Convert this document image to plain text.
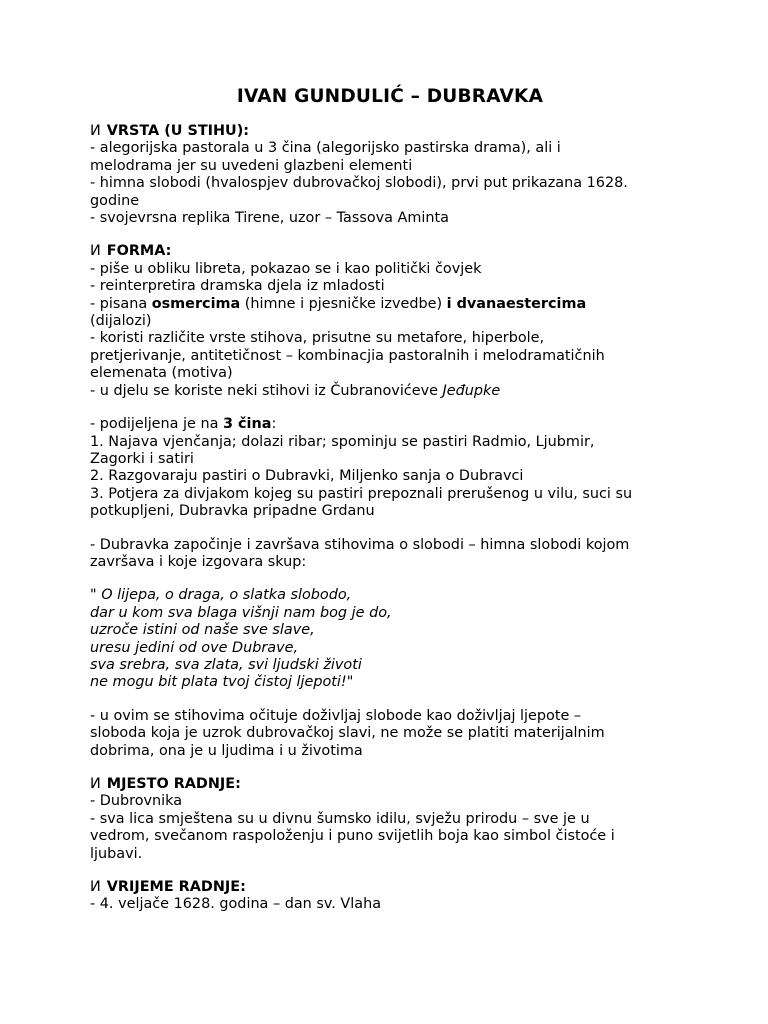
IVAN GUNDULIĆ – DUBRAVKA
ⵍ VRSTA (U STIHU):
- alegorijska pastorala u 3 čina (alegorijsko pastirska drama), ali i
melodrama jer su uvedeni glazbeni elementi
- himna slobodi (hvalospjev dubrovačkoj slobodi), prvi put prikazana 1628.
godine
- svojevrsna replika Tirene, uzor – Tassova Aminta
ⵍ FORMA:
- piše u obliku libreta, pokazao se i kao politički čovjek
- reinterpretira dramska djela iz mladosti
- pisana osmercima (himne i pjesničke izvedbe) i dvanaestercima
(dijalozi)
- koristi različite vrste stihova, prisutne su metafore, hiperbole,
pretjerivanje, antitetičnost – kombinacjia pastoralnih i melodramatičnih
elemenata (motiva)
- u djelu se koriste neki stihovi iz Čubranovićeve Jeđupke
- podijeljena je na 3 čina:
1. Najava vjenčanja; dolazi ribar; spominju se pastiri Radmio, Ljubmir,
Zagorki i satiri
2. Razgovaraju pastiri o Dubravki, Miljenko sanja o Dubravci
3. Potjera za divjakom kojeg su pastiri prepoznali prerušenog u vilu, suci su
potkupljeni, Dubravka pripadne Grdanu
- Dubravka započinje i završava stihovima o slobodi – himna slobodi kojom
završava i koje izgovara skup:
" O lijepa, o draga, o slatka slobodo,
dar u kom sva blaga višnji nam bog je do,
uzroče istini od naše sve slave,
uresu jedini od ove Dubrave,
sva srebra, sva zlata, svi ljudski životi
ne mogu bit plata tvoj čistoj ljepoti!"
- u ovim se stihovima očituje doživljaj slobode kao doživljaj ljepote –
sloboda koja je uzrok dubrovačkoj slavi, ne može se platiti materijalnim
dobrima, ona je u ljudima i u životima
ⵍ MJESTO RADNJE:
- Dubrovnika
- sva lica smještena su u divnu šumsko idilu, svježu prirodu – sve je u
vedrom, svečanom raspoloženju i puno svijetlih boja kao simbol čistoće i
ljubavi.
ⵍ VRIJEME RADNJE:
- 4. veljače 1628. godina – dan sv. Vlaha
